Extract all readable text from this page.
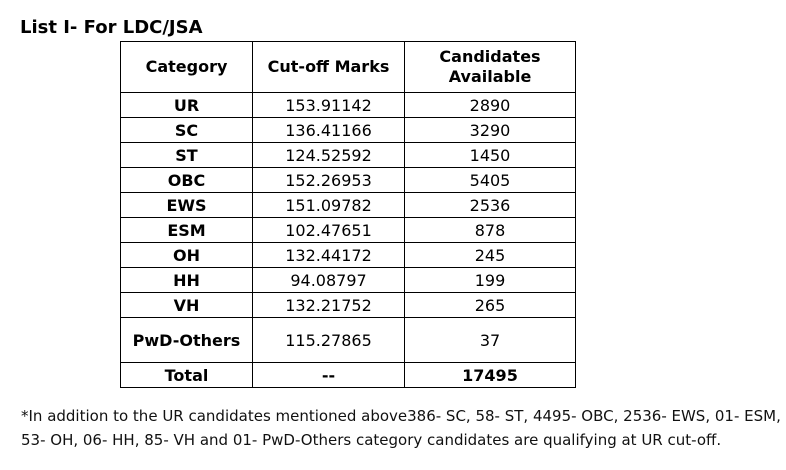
List I- For LDC/JSA
Category	Cut-off Marks	Candidates Available
UR	153.91142	2890
SC	136.41166	3290
ST	124.52592	1450
OBC	152.26953	5405
EWS	151.09782	2536
ESM	102.47651	878
OH	132.44172	245
HH	94.08797	199
VH	132.21752	265
PwD-Others	115.27865	37
Total	--	17495
*In addition to the UR candidates mentioned above386- SC, 58- ST, 4495- OBC, 2536- EWS, 01- ESM, 53- OH, 06- HH, 85- VH and 01- PwD-Others category candidates are qualifying at UR cut-off.
